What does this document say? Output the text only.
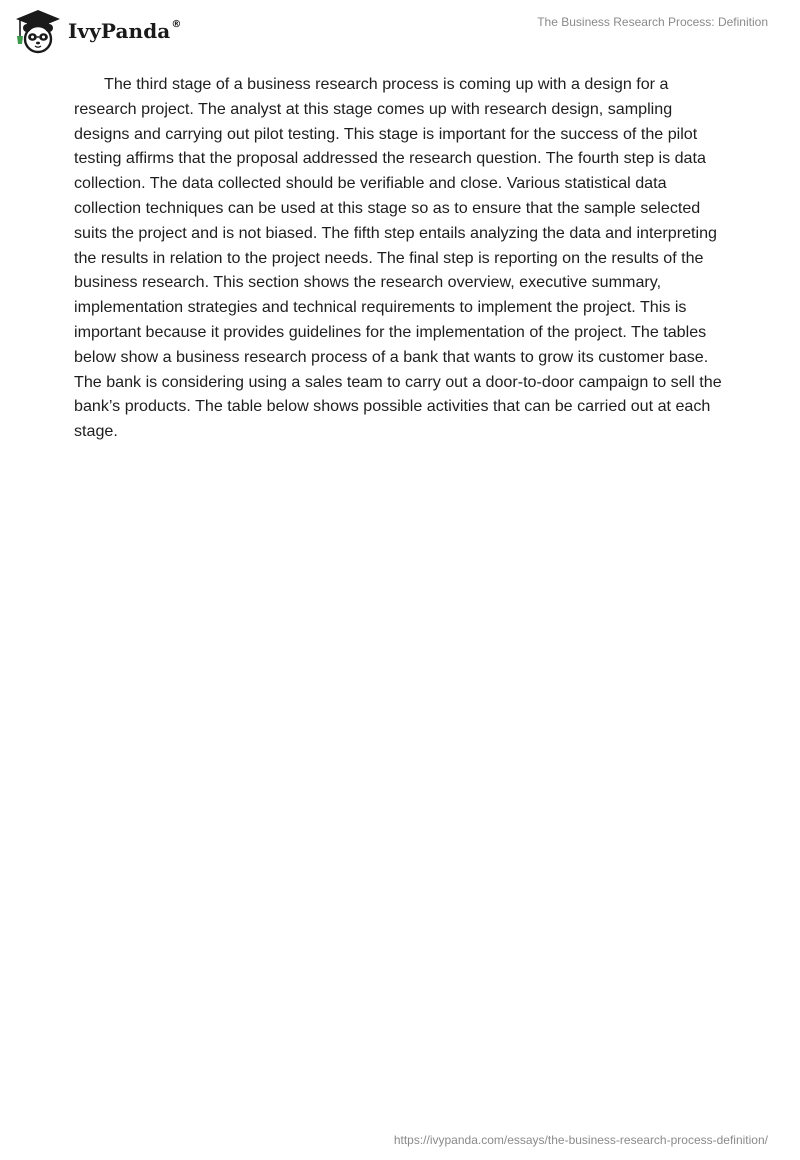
IvyPanda®	The Business Research Process: Definition

The third stage of a business research process is coming up with a design for a research project. The analyst at this stage comes up with research design, sampling designs and carrying out pilot testing. This stage is important for the success of the pilot testing affirms that the proposal addressed the research question. The fourth step is data collection. The data collected should be verifiable and close. Various statistical data collection techniques can be used at this stage so as to ensure that the sample selected suits the project and is not biased. The fifth step entails analyzing the data and interpreting the results in relation to the project needs. The final step is reporting on the results of the business research. This section shows the research overview, executive summary, implementation strategies and technical requirements to implement the project. This is important because it provides guidelines for the implementation of the project. The tables below show a business research process of a bank that wants to grow its customer base. The bank is considering using a sales team to carry out a door-to-door campaign to sell the bank’s products. The table below shows possible activities that can be carried out at each stage.

https://ivypanda.com/essays/the-business-research-process-definition/
